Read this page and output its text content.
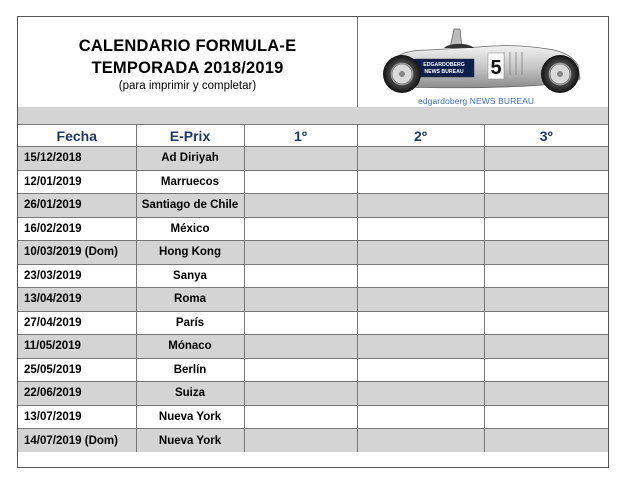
CALENDARIO FORMULA-E
TEMPORADA 2018/2019
(para imprimir y completar)
EDGARDOBERG
NEWS BUREAU 5
edgardoberg NEWS BUREAU
Fecha	E-Prix	1º	2º	3º
15/12/2018	Ad Diriyah			
12/01/2019	Marruecos			
26/01/2019	Santiago de Chile			
16/02/2019	México			
10/03/2019 (Dom)	Hong Kong			
23/03/2019	Sanya			
13/04/2019	Roma			
27/04/2019	París			
11/05/2019	Mónaco			
25/05/2019	Berlín			
22/06/2019	Suiza			
13/07/2019	Nueva York			
14/07/2019 (Dom)	Nueva York			
